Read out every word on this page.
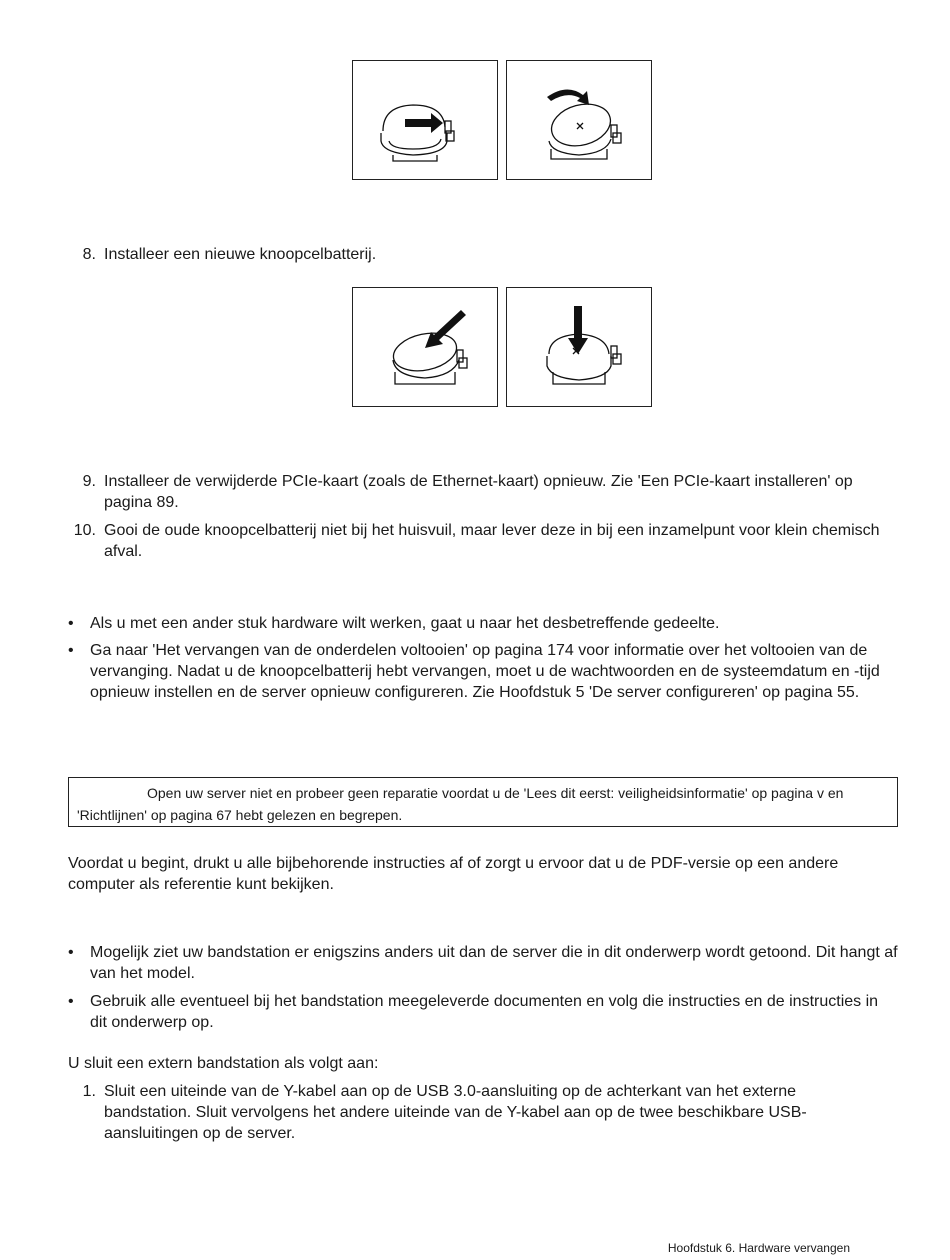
8. Installeer een nieuwe knoopcelbatterij.
9. Installeer de verwijderde PCIe-kaart (zoals de Ethernet-kaart) opnieuw. Zie 'Een PCIe-kaart installeren' op pagina 89.
10. Gooi de oude knoopcelbatterij niet bij het huisvuil, maar lever deze in bij een inzamelpunt voor klein chemisch afval.
• Als u met een ander stuk hardware wilt werken, gaat u naar het desbetreffende gedeelte.
• Ga naar 'Het vervangen van de onderdelen voltooien' op pagina 174 voor informatie over het voltooien van de vervanging. Nadat u de knoopcelbatterij hebt vervangen, moet u de wachtwoorden en de systeemdatum en -tijd opnieuw instellen en de server opnieuw configureren. Zie Hoofdstuk 5 'De server configureren' op pagina 55.
Open uw server niet en probeer geen reparatie voordat u de 'Lees dit eerst: veiligheidsinformatie' op pagina v en 'Richtlijnen' op pagina 67 hebt gelezen en begrepen.
Voordat u begint, drukt u alle bijbehorende instructies af of zorgt u ervoor dat u de PDF-versie op een andere computer als referentie kunt bekijken.
• Mogelijk ziet uw bandstation er enigszins anders uit dan de server die in dit onderwerp wordt getoond. Dit hangt af van het model.
• Gebruik alle eventueel bij het bandstation meegeleverde documenten en volg die instructies en de instructies in dit onderwerp op.
U sluit een extern bandstation als volgt aan:
1. Sluit een uiteinde van de Y-kabel aan op de USB 3.0-aansluiting op de achterkant van het externe bandstation. Sluit vervolgens het andere uiteinde van de Y-kabel aan op de twee beschikbare USB-aansluitingen op de server.
Hoofdstuk 6. Hardware vervangen
